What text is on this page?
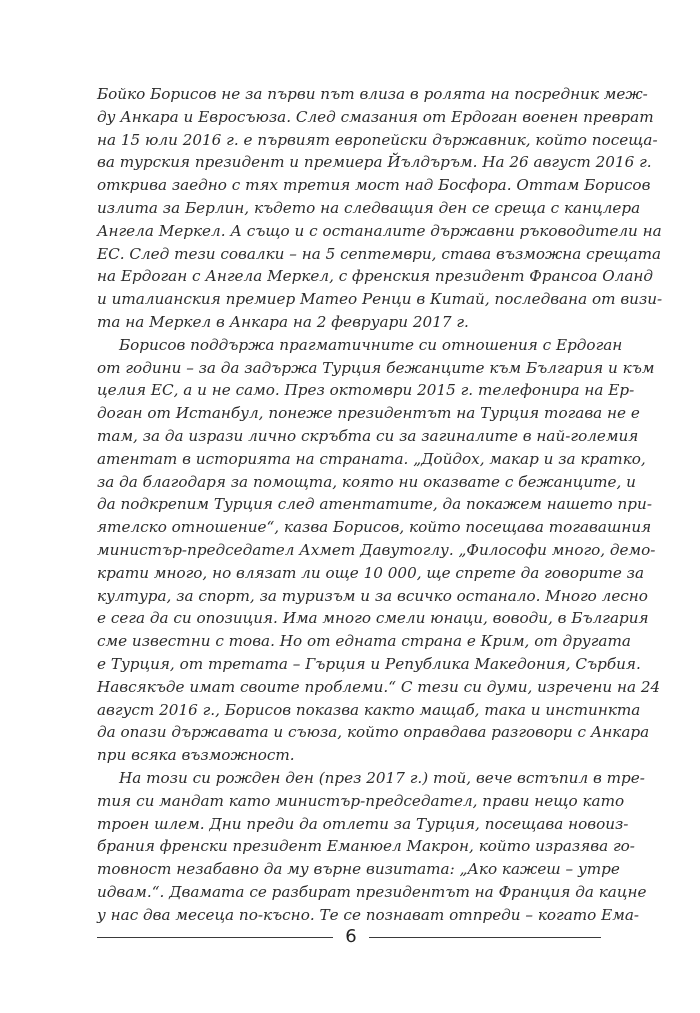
Бойко Борисов не за първи път влиза в ролята на посредник меж-
ду Анкара и Евросъюза. След смазания от Ердоган военен преврат
на 15 юли 2016 г. е първият европейски държавник, който посеща-
ва турския президент и премиера Йълдъръм. На 26 август 2016 г.
открива заедно с тях третия мост над Босфора. Оттам Борисов
излита за Берлин, където на следващия ден се среща с канцлера
Ангела Меркел. А също и с останалите държавни ръководители на
ЕС. След тези совалки – на 5 септември, става възможна срещата
на Ердоган с Ангела Меркел, с френския президент Франсоа Оланд
и италианския премиер Матео Ренци в Китай, последвана от визи-
та на Меркел в Анкара на 2 февруари 2017 г.
Борисов поддържа прагматичните си отношения с Ердоган
от години – за да задържа Турция бежанците към България и към
целия ЕС, а и не само. През октомври 2015 г. телефонира на Ер-
доган от Истанбул, понеже президентът на Турция тогава не е
там, за да изрази лично скръбта си за загиналите в най-големия
атентат в историята на страната. „Дойдох, макар и за кратко,
за да благодаря за помощта, която ни оказвате с бежанците, и
да подкрепим Турция след атентатите, да покажем нашето при-
ятелско отношение“, казва Борисов, който посещава тогавашния
министър-председател Ахмет Давутоглу. „Философи много, демо-
крати много, но влязат ли още 10 000, ще спрете да говорите за
култура, за спорт, за туризъм и за всичко останало. Много лесно
е сега да си опозиция. Има много смели юнаци, воводи, в България
сме известни с това. Но от едната страна е Крим, от другата
е Турция, от третата – Гърция и Република Македония, Сърбия.
Навсякъде имат своите проблеми.“ С тези си думи, изречени на 24
август 2016 г., Борисов показва както мащаб, така и инстинкта
да опази държавата и съюза, който оправдава разговори с Анкара
при всяка възможност.
На този си рожден ден (през 2017 г.) той, вече встъпил в тре-
тия си мандат като министър-председател, прави нещо като
троен шлем. Дни преди да отлети за Турция, посещава новоиз-
брания френски президент Еманюел Макрон, който изразява го-
товност незабавно да му върне визитата: „Ако кажеш – утре
идвам.“. Двамата се разбират президентът на Франция да кацне
у нас два месеца по-късно. Те се познават отпреди – когато Ема-
6
